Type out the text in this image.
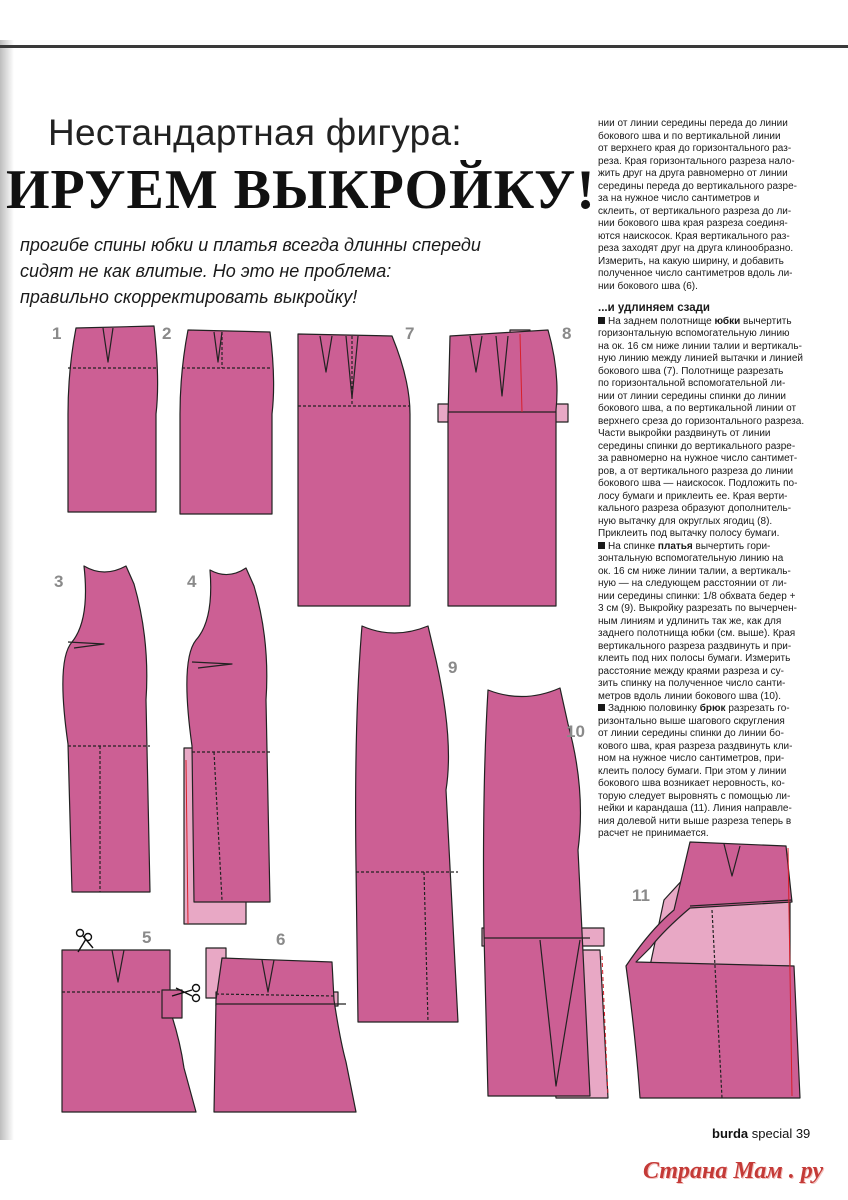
Нестандартная фигура:
ИРУЕМ ВЫКРОЙКУ!
прогибе спины юбки и платья всегда длинны спереди
сидят не как влитые. Но это не проблема:
правильно скорректировать выкройку!
нии от линии середины переда до линии
бокового шва и по вертикальной линии
от верхнего края до горизонтального раз-
реза. Края горизонтального разреза нало-
жить друг на друга равномерно от линии
середины переда до вертикального разре-
за на нужное число сантиметров и
склеить, от вертикального разреза до ли-
нии бокового шва края разреза соединя-
ются наискосок. Края вертикального раз-
реза заходят друг на друга клинообразно.
Измерить, на какую ширину, и добавить
полученное число сантиметров вдоль ли-
нии бокового шва (6).
...и удлиняем сзади
На заднем полотнище юбки вычертить
горизонтальную вспомогательную линию
на ок. 16 см ниже линии талии и вертикаль-
ную линию между линией вытачки и линией
бокового шва (7). Полотнище разрезать
по горизонтальной вспомогательной ли-
нии от линии середины спинки до линии
бокового шва, а по вертикальной линии от
верхнего среза до горизонтального разреза.
Части выкройки раздвинуть от линии
середины спинки до вертикального разре-
за равномерно на нужное число сантимет-
ров, а от вертикального разреза до линии
бокового шва — наискосок. Подложить по-
лосу бумаги и приклеить ее. Края верти-
кального разреза образуют дополнитель-
ную вытачку для округлых ягодиц (8).
Приклеить под вытачку полосу бумаги.
На спинке платья вычертить гори-
зонтальную вспомогательную линию на
ок. 16 см ниже линии талии, а вертикаль-
ную — на следующем расстоянии от ли-
нии середины спинки: 1/8 обхвата бедер +
3 см (9). Выкройку разрезать по вычерчен-
ным линиям и удлинить так же, как для
заднего полотнища юбки (см. выше). Края
вертикального разреза раздвинуть и при-
клеить под них полосы бумаги. Измерить
расстояние между краями разреза и су-
зить спинку на полученное число санти-
метров вдоль линии бокового шва (10).
Заднюю половинку брюк разрезать го-
ризонтально выше шагового скругления
от линии середины спинки до линии бо-
кового шва, края разреза раздвинуть кли-
ном на нужное число сантиметров, при-
клеить полосу бумаги. При этом у линии
бокового шва возникает неровность, ко-
торую следует выровнять с помощью ли-
нейки и карандаша (11). Линия направле-
ния долевой нити выше разреза теперь в
расчет не принимается.
1	2	7	8
3	4
9
10
5	6
11
burda special 39
Страна Мам . ру
